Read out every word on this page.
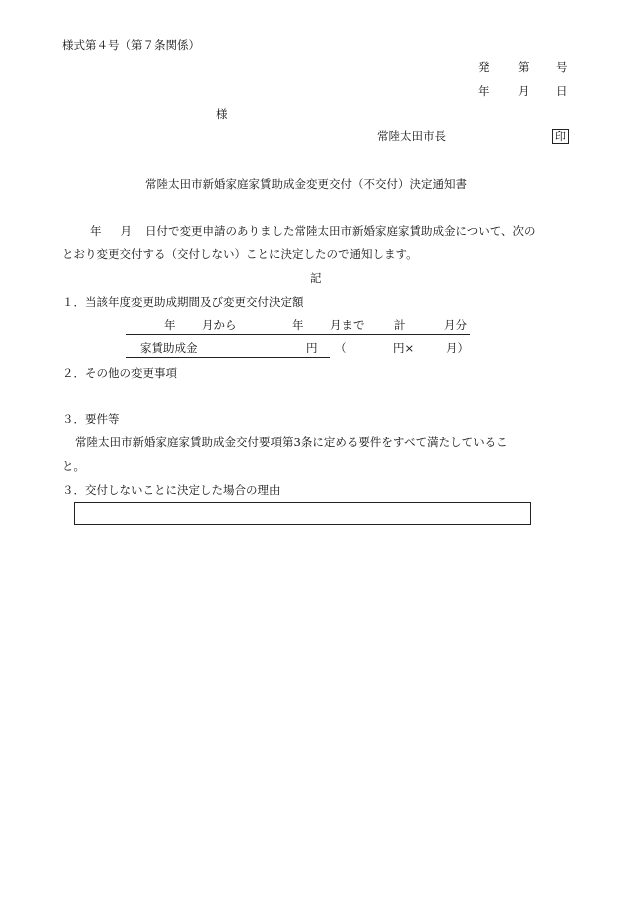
様式第４号（第７条関係）
発 第 号
年 月 日
様
常陸太田市長	印
常陸太田市新婚家庭家賃助成金変更交付（不交付）決定通知書
年 月 日付で変更申請のありました常陸太田市新婚家庭家賃助成金について、次の
とおり変更交付する（交付しない）ことに決定したので通知します。
記
１．当該年度変更助成期間及び変更交付決定額
年 月から	年 月まで	計	月分
家賃助成金	円 （	円×	月）
２．その他の変更事項
３．要件等
常陸太田市新婚家庭家賃助成金交付要項第3条に定める要件をすべて満たしているこ
と。
３．交付しないことに決定した場合の理由
